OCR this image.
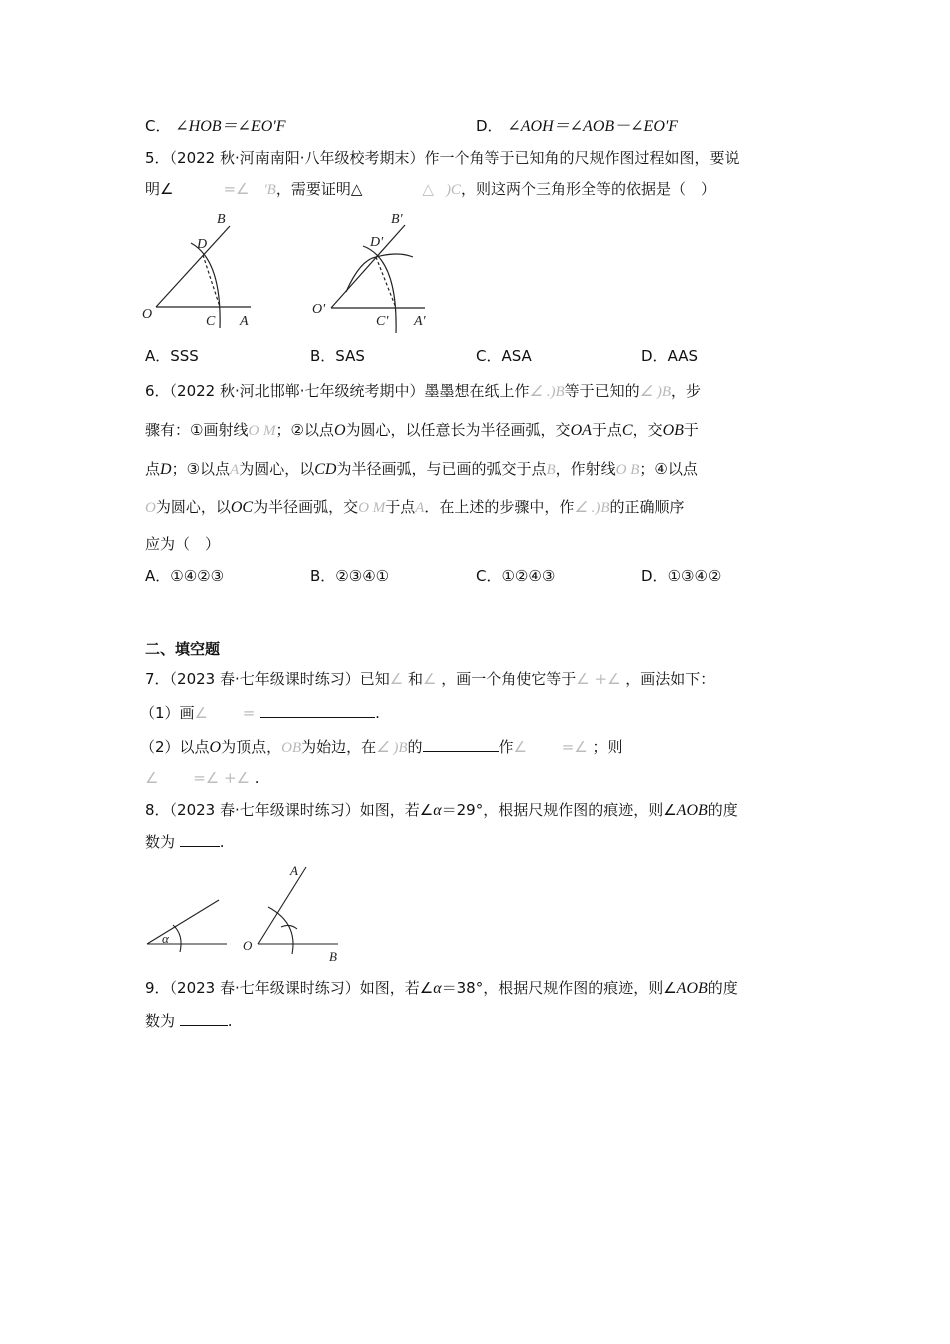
C． ∠HOB＝∠EO'F	D． ∠AOH＝∠AOB－∠EO'F
5．（2022 秋·河南南阳·八年级校考期末）作一个角等于已知角的尺规作图过程如图，要说
明∠	=∠ 'B，需要证明△	△ )C，则这两个三角形全等的依据是（　）
O	A
B
C
D
O'
A'
B'
C'
D'
A．SSS	B．SAS	C．ASA	D．AAS
6．（2022 秋·河北邯郸·七年级统考期中）墨墨想在纸上作∠ .)B等于已知的∠ )B，步
骤有：①画射线O M；②以点O为圆心，以任意长为半径画弧，交OA于点C，交OB于
点D；③以点A为圆心，以CD为半径画弧，与已画的弧交于点B，作射线O B；④以点
O为圆心，以OC为半径画弧，交O M于点A．在上述的步骤中，作∠ .)B的正确顺序
应为（　）
A．①④②③	B．②③④①	C．①②④③	D．①③④②
二、填空题
7．（2023 春·七年级课时练习）已知∠ 和∠ ，画一个角使它等于∠ +∠ ，画法如下：
（1）画∠　　 =	.
（2）以点O为顶点，OB为始边，在∠ )B的	作∠　　 =∠ ；则
∠　　 =∠ +∠ .
8．（2023 春·七年级课时练习）如图，若∠α＝29°，根据尺规作图的痕迹，则∠AOB的度
数为	.
α	O
A
B
9．（2023 春·七年级课时练习）如图，若∠α＝38°，根据尺规作图的痕迹，则∠AOB的度
数为	.
